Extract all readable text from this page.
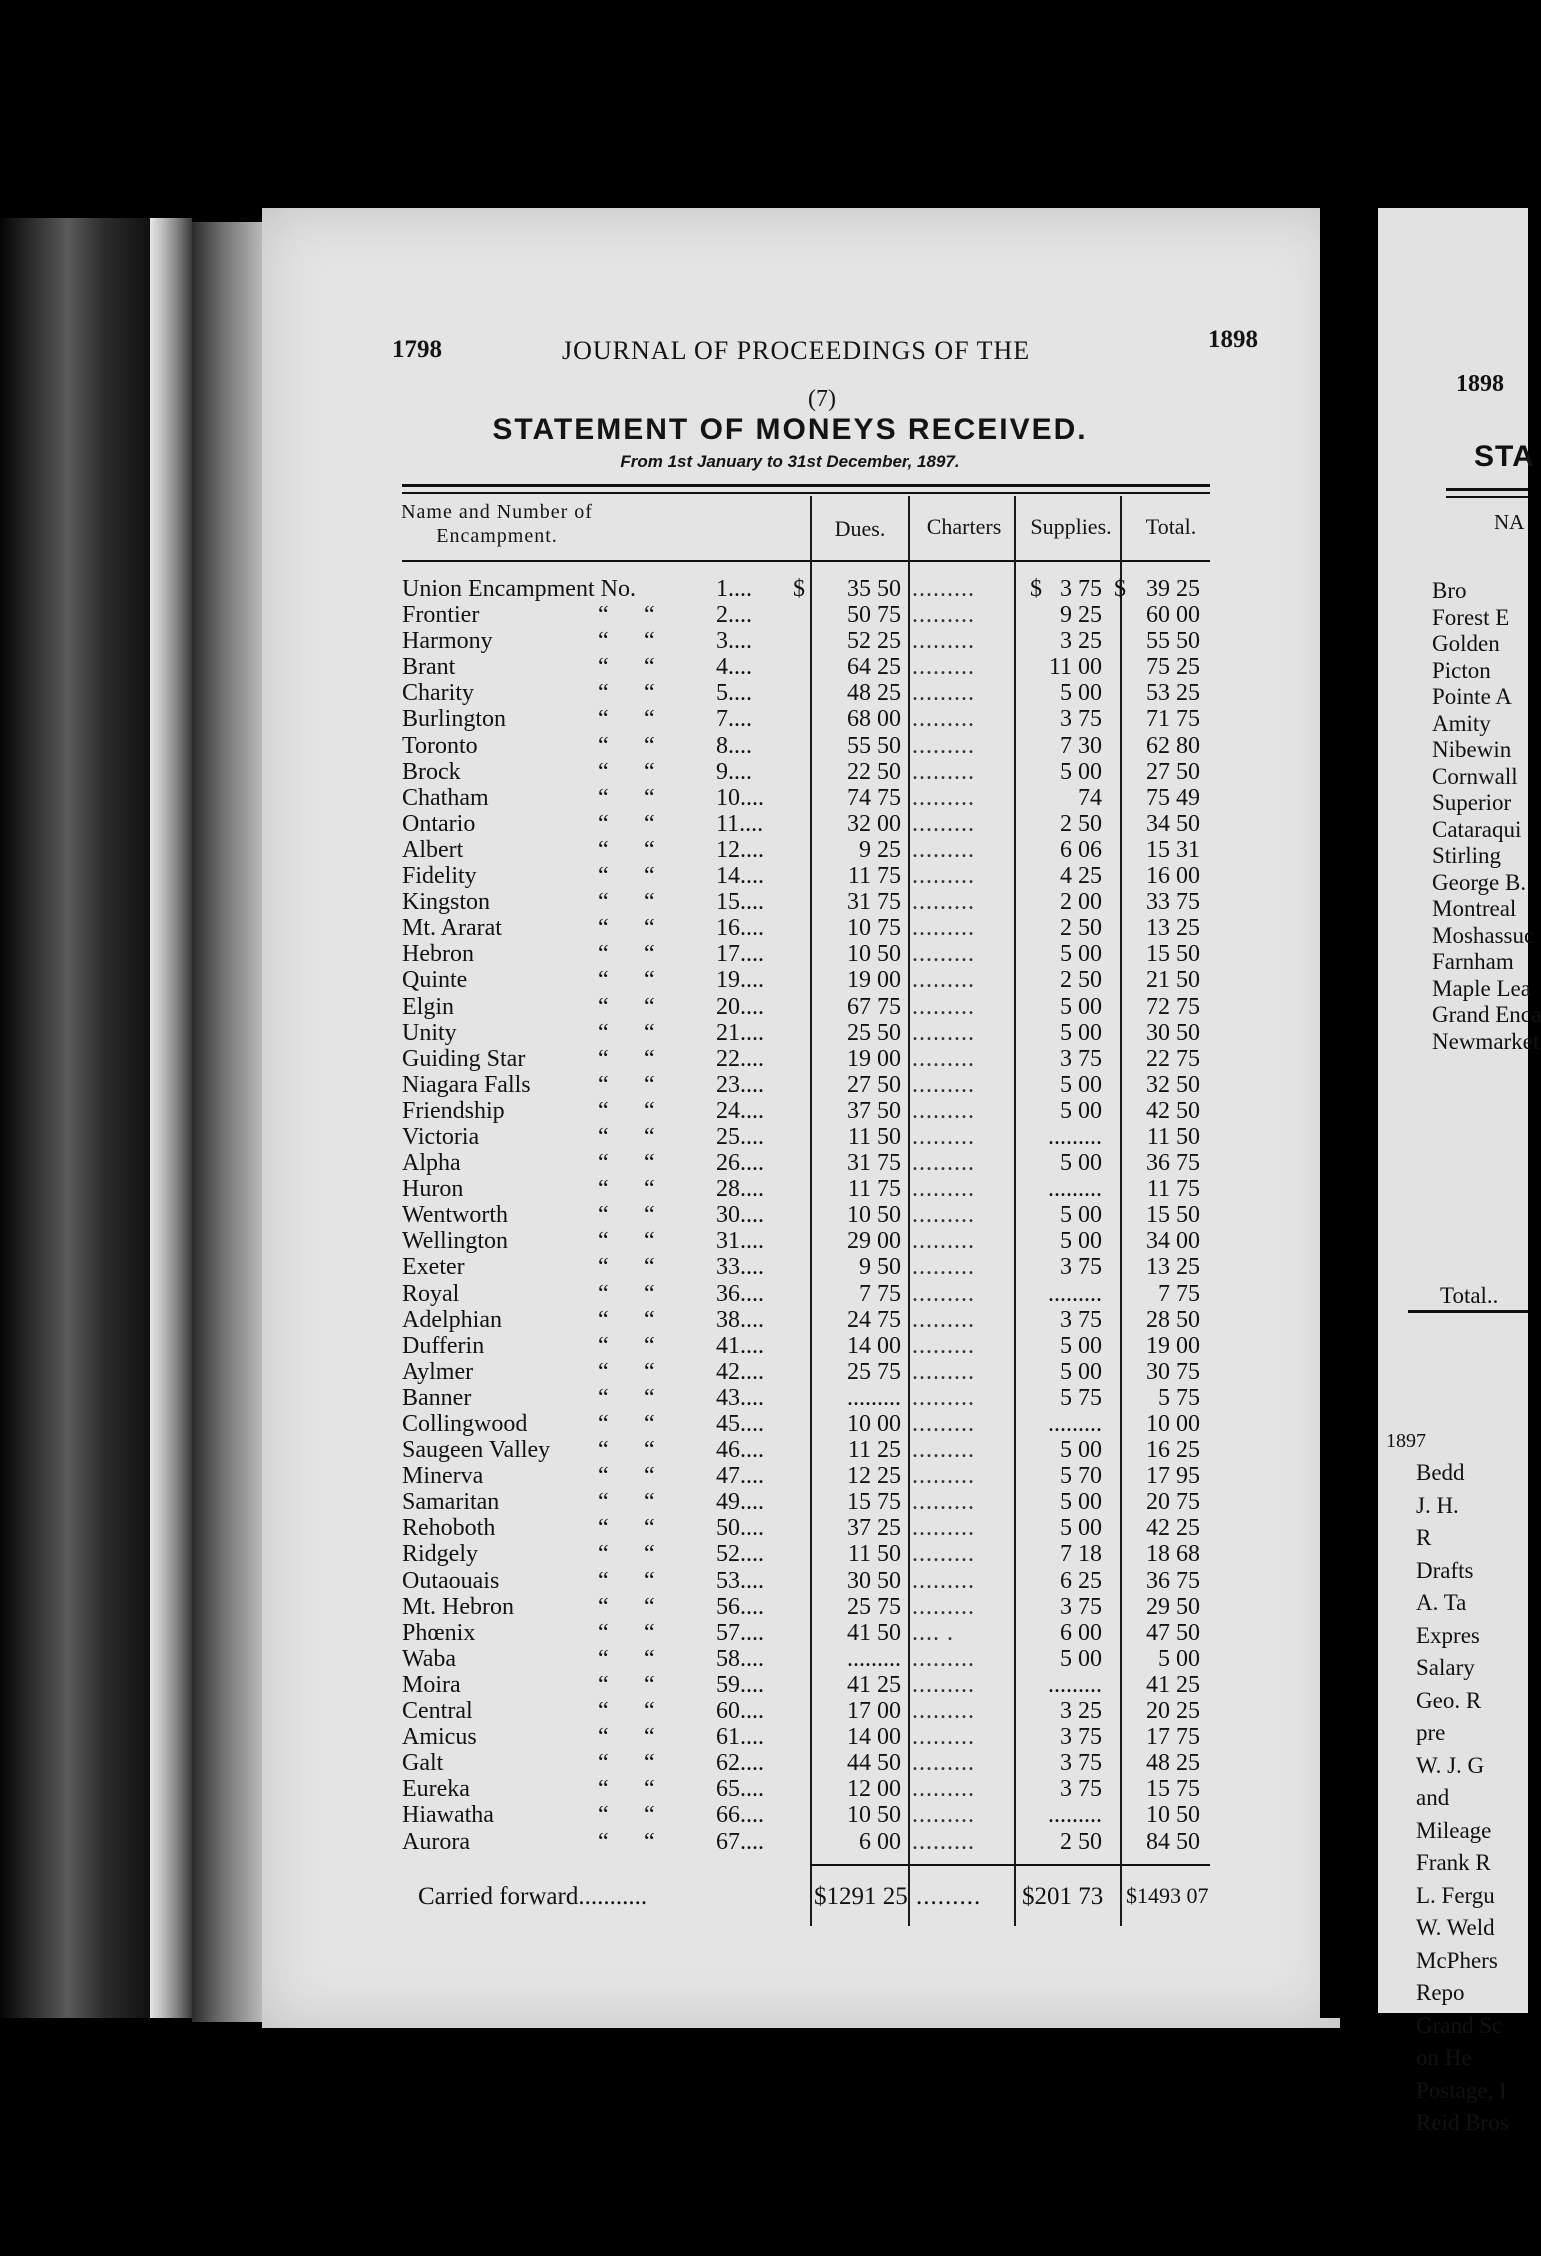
1798	JOURNAL OF PROCEEDINGS OF THE	1898
(7)
STATEMENT OF MONEYS RECEIVED.
From 1st January to 31st December, 1897.
Name and Number of Encampment.	Dues.	Charters	Supplies.	Total.
Union Encampment No.	1.... $	35 50 .........	$ 3 75 $ 39 25
Frontier	“ “	2....	50 75 .........	9 25	60 00
Harmony	“ “	3....	52 25 .........	3 25	55 50
Brant	“ “	4....	64 25 .........	11 00	75 25
Charity	“ “	5....	48 25 .........	5 00	53 25
Burlington	“ “	7....	68 00 .........	3 75	71 75
Toronto	“ “	8....	55 50 .........	7 30	62 80
Brock	“ “	9....	22 50 .........	5 00	27 50
Chatham	“ “	10....	74 75 .........	74	75 49
Ontario	“ “	11....	32 00 .........	2 50	34 50
Albert	“ “	12....	9 25 .........	6 06	15 31
Fidelity	“ “	14....	11 75 .........	4 25	16 00
Kingston	“ “	15....	31 75 .........	2 00	33 75
Mt. Ararat	“ “	16....	10 75 .........	2 50	13 25
Hebron	“ “	17....	10 50 .........	5 00	15 50
Quinte	“ “	19....	19 00 .........	2 50	21 50
Elgin	“ “	20....	67 75 .........	5 00	72 75
Unity	“ “	21....	25 50 .........	5 00	30 50
Guiding Star	“ “	22....	19 00 .........	3 75	22 75
Niagara Falls	“ “	23....	27 50 .........	5 00	32 50
Friendship	“ “	24....	37 50 .........	5 00	42 50
Victoria	“ “	25....	11 50 .........	.........	11 50
Alpha	“ “	26....	31 75 .........	5 00	36 75
Huron	“ “	28....	11 75 .........	.........	11 75
Wentworth	“ “	30....	10 50 .........	5 00	15 50
Wellington	“ “	31....	29 00 .........	5 00	34 00
Exeter	“ “	33....	9 50 .........	3 75	13 25
Royal	“ “	36....	7 75 .........	.........	7 75
Adelphian	“ “	38....	24 75 .........	3 75	28 50
Dufferin	“ “	41....	14 00 .........	5 00	19 00
Aylmer	“ “	42....	25 75 .........	5 00	30 75
Banner	“ “	43....	......... .........	5 75	5 75
Collingwood	“ “	45....	10 00 .........	.........	10 00
Saugeen Valley “ “	46....	11 25 .........	5 00	16 25
Minerva	“ “	47....	12 25 .........	5 70	17 95
Samaritan	“ “	49....	15 75 .........	5 00	20 75
Rehoboth	“ “	50....	37 25 .........	5 00	42 25
Ridgely	“ “	52....	11 50 .........	7 18	18 68
Outaouais	“ “	53....	30 50 .........	6 25	36 75
Mt. Hebron	“ “	56....	25 75 .........	3 75	29 50
Phœnix	“ “	57....	41 50 .... .	6 00	47 50
Waba	“ “	58....	......... .........	5 00	5 00
Moira	“ “	59....	41 25 .........	.........	41 25
Central	“ “	60....	17 00 .........	3 25	20 25
Amicus	“ “	61....	14 00 .........	3 75	17 75
Galt	“ “	62....	44 50 .........	3 75	48 25
Eureka	“ “	65....	12 00 .........	3 75	15 75
Hiawatha	“ “	66....	10 50 .........	.........	10 50
Aurora	“ “	67....	6 00 .........	2 50	84 50
Carried forward...........	$1291 25 ......... $201 73 $1493 07
1898
STA
NA
Bro
Forest E
Golden
Picton
Pointe A
Amity
Nibewin
Cornwall
Superior
Cataraqui
Stirling
George B.
Montreal
Moshassuc
Farnham
Maple Lea
Grand Enca
Newmarket
Total..
1897
Bedd
J. H.
R
Drafts
A. Ta
Expres
Salary
Geo. R
pre
W. J. G
and
Mileage
Frank R
L. Fergu
W. Weld
McPhers
Repo
Grand Sc
on He
Postage, I
Reid Bros
